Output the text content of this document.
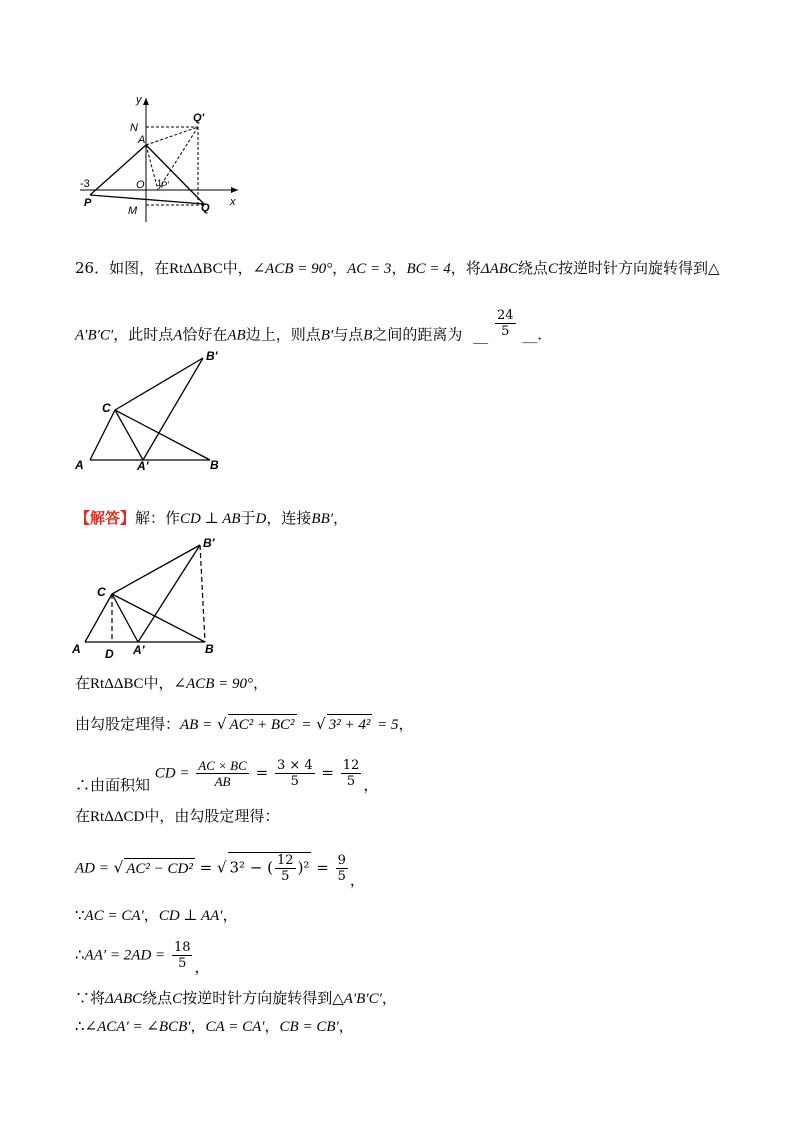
y
x
N
A
Q'
-3	O 1
P'
P
M	Q
26．如图，在RtΔΔBC中，∠ACB = 90°，AC = 3，BC = 4，将ΔABC绕点C按逆时针方向旋转得到△
A′B′C′，此时点A恰好在AB边上，则点B′与点B之间的距离为 __ $\frac{24}{5}$ __.
B'
C
A	A'	B
【解答】解：作CD ⊥ AB于D，连接BB′，
B'
C
A D A'	B
在RtΔΔBC中，∠ACB = 90°，
由勾股定理得：AB = √ AC² + BC² = √ 3² + 4² = 5，
∴由面积知 CD = $\frac{AC \times BC}{AB} = \frac{3 \times 4}{5} = \frac{12}{5}$ ，
在RtΔΔCD中，由勾股定理得：
AD = √ AC² − CD² = √ 3² − ( $\frac{12}{5} )^2 = \frac{9}{5}$ ，
∵AC = CA′，CD ⊥ AA′，
∴AA′ = $2AD = \frac{18}{5}$ ，
∵将ΔABC绕点C按逆时针方向旋转得到△A′B′C′，
∴∠ACA′ = ∠BCB′，CA = CA′，CB = CB′，
